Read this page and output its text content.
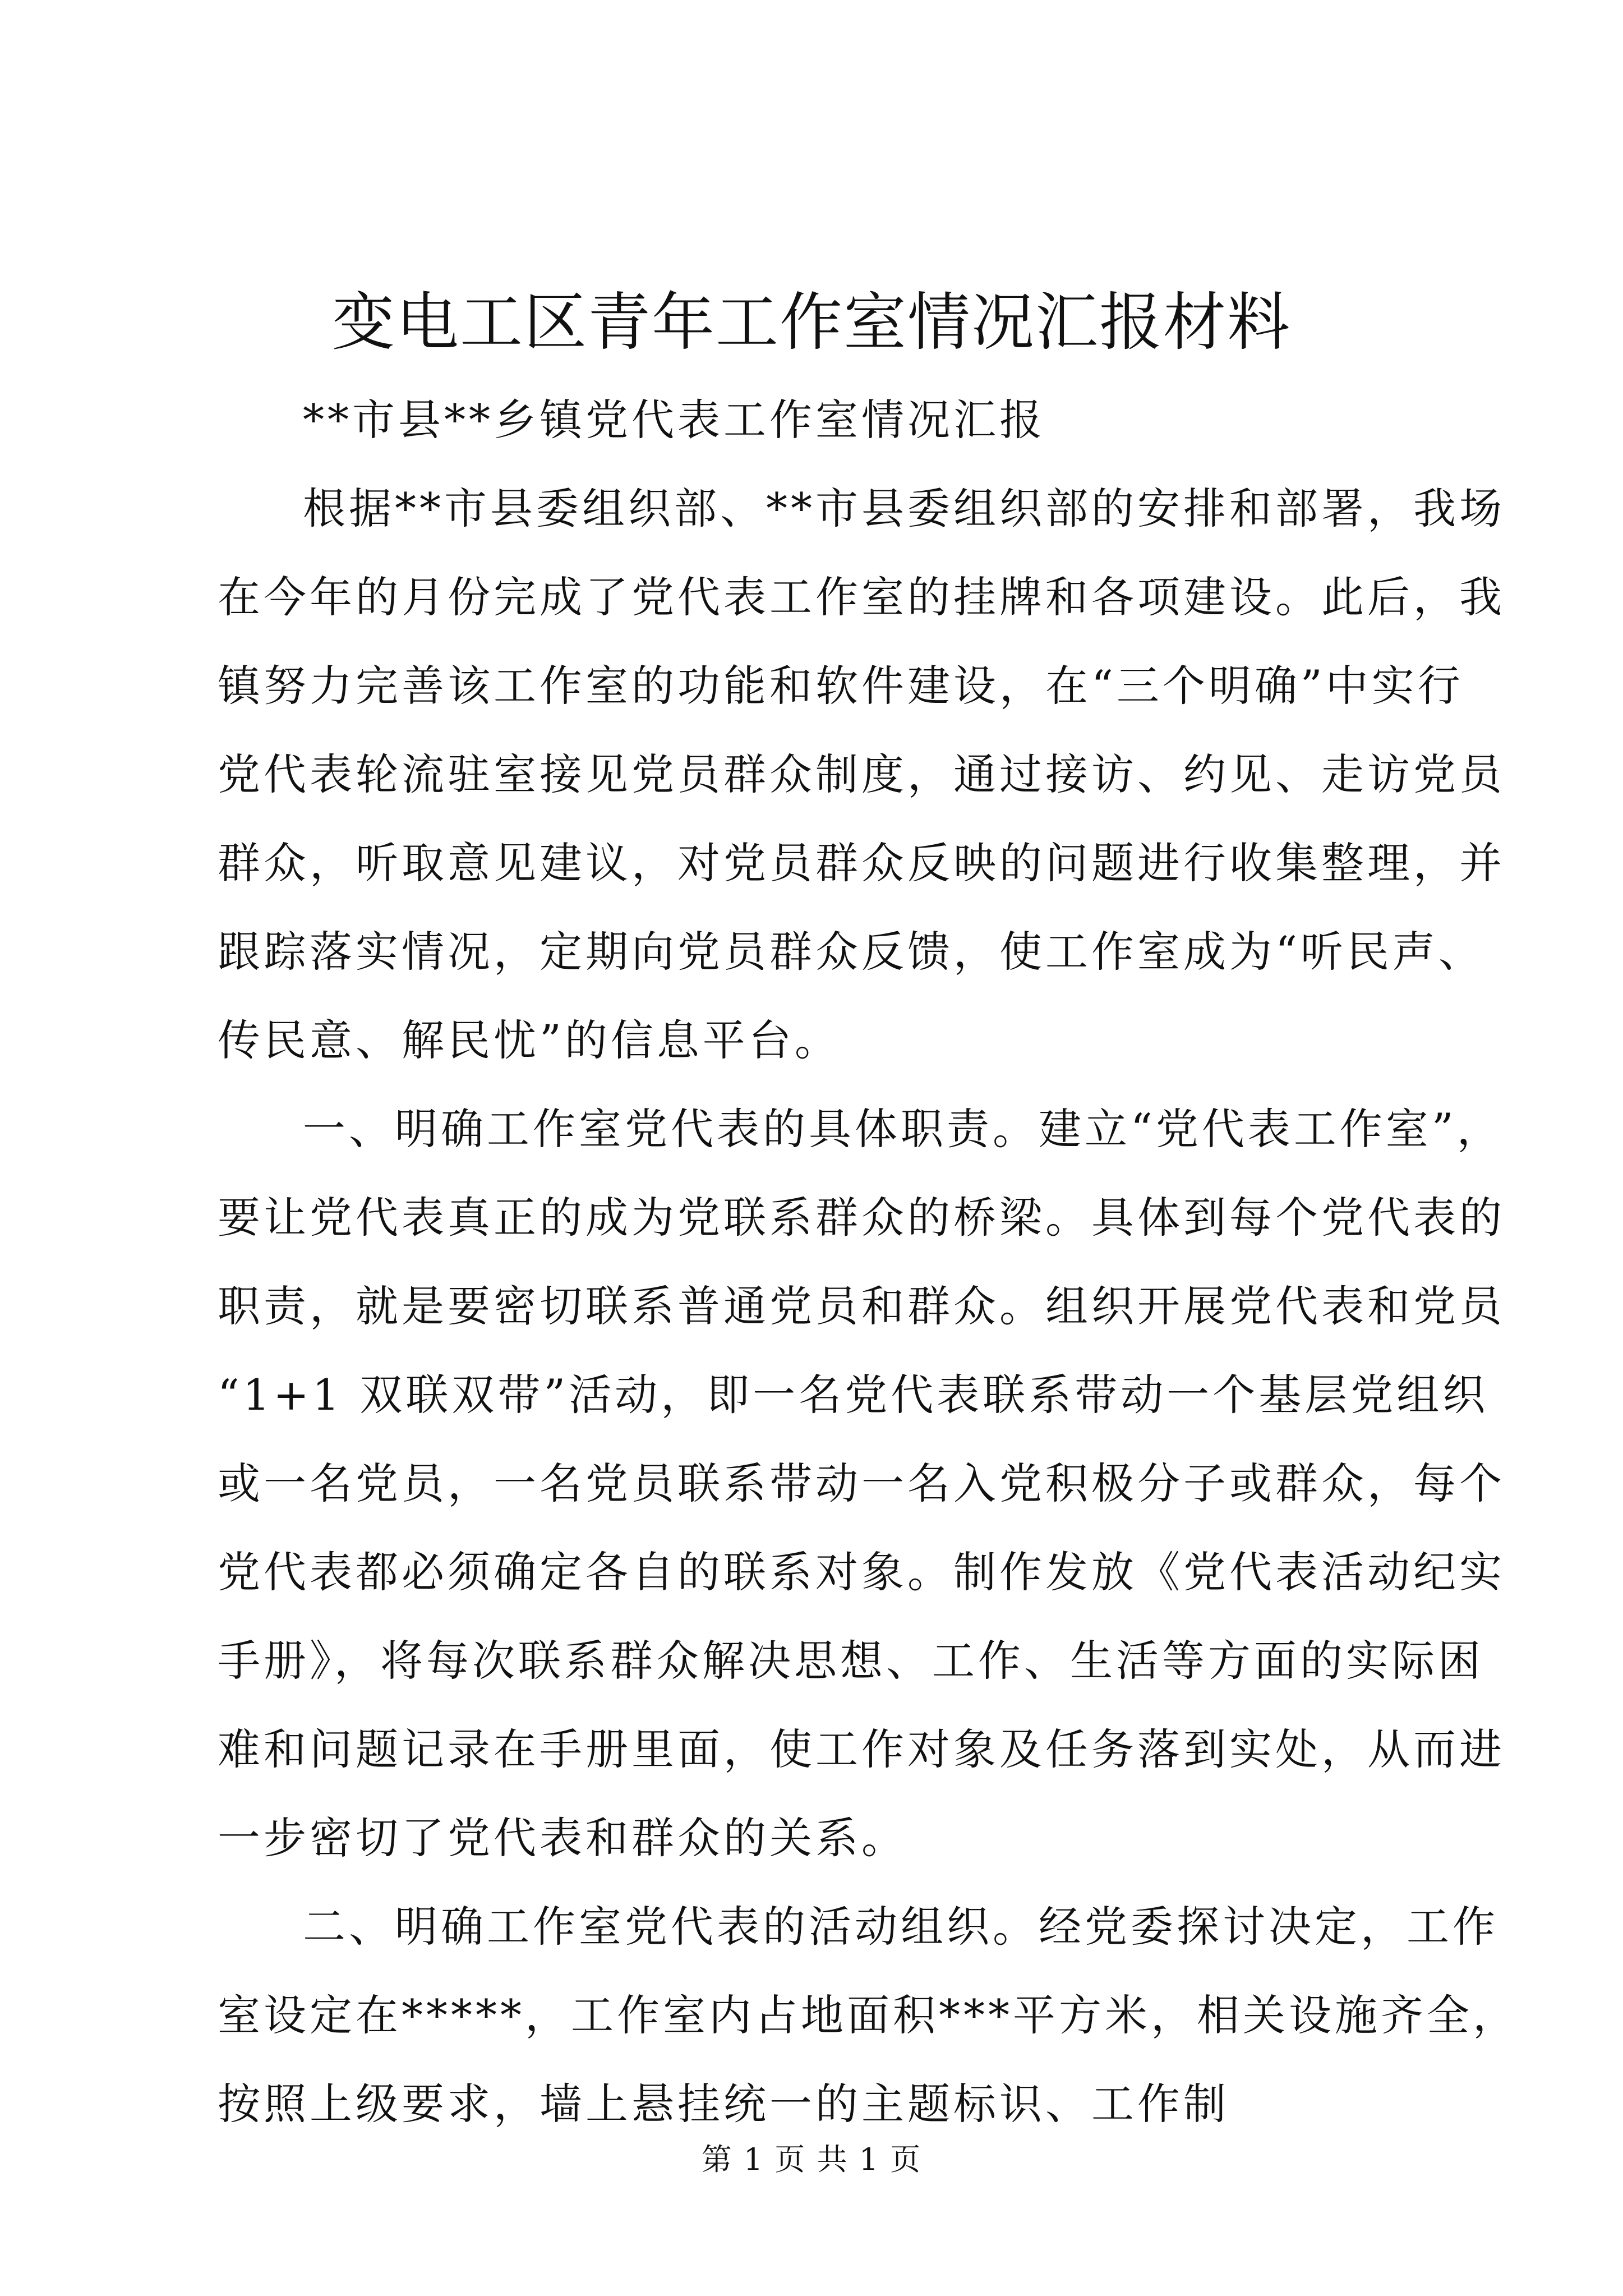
变电工区青年工作室情况汇报材料
**市县**乡镇党代表工作室情况汇报
根据**市县委组织部、**市县委组织部的安排和部署，我场
在今年的月份完成了党代表工作室的挂牌和各项建设。此后，我
镇努力完善该工作室的功能和软件建设，在“三个明确”中实行
党代表轮流驻室接见党员群众制度，通过接访、约见、走访党员
群众，听取意见建议，对党员群众反映的问题进行收集整理，并
跟踪落实情况，定期向党员群众反馈，使工作室成为“听民声、
传民意、解民忧”的信息平台。
一、明确工作室党代表的具体职责。建立“党代表工作室”，
要让党代表真正的成为党联系群众的桥梁。具体到每个党代表的
职责，就是要密切联系普通党员和群众。组织开展党代表和党员
“1+1 双联双带”活动，即一名党代表联系带动一个基层党组织
或一名党员，一名党员联系带动一名入党积极分子或群众，每个
党代表都必须确定各自的联系对象。制作发放《党代表活动纪实
手册》，将每次联系群众解决思想、工作、生活等方面的实际困
难和问题记录在手册里面，使工作对象及任务落到实处，从而进
一步密切了党代表和群众的关系。
二、明确工作室党代表的活动组织。经党委探讨决定，工作
室设定在*****，工作室内占地面积***平方米，相关设施齐全，
按照上级要求，墙上悬挂统一的主题标识、工作制
第 1 页 共 1 页
